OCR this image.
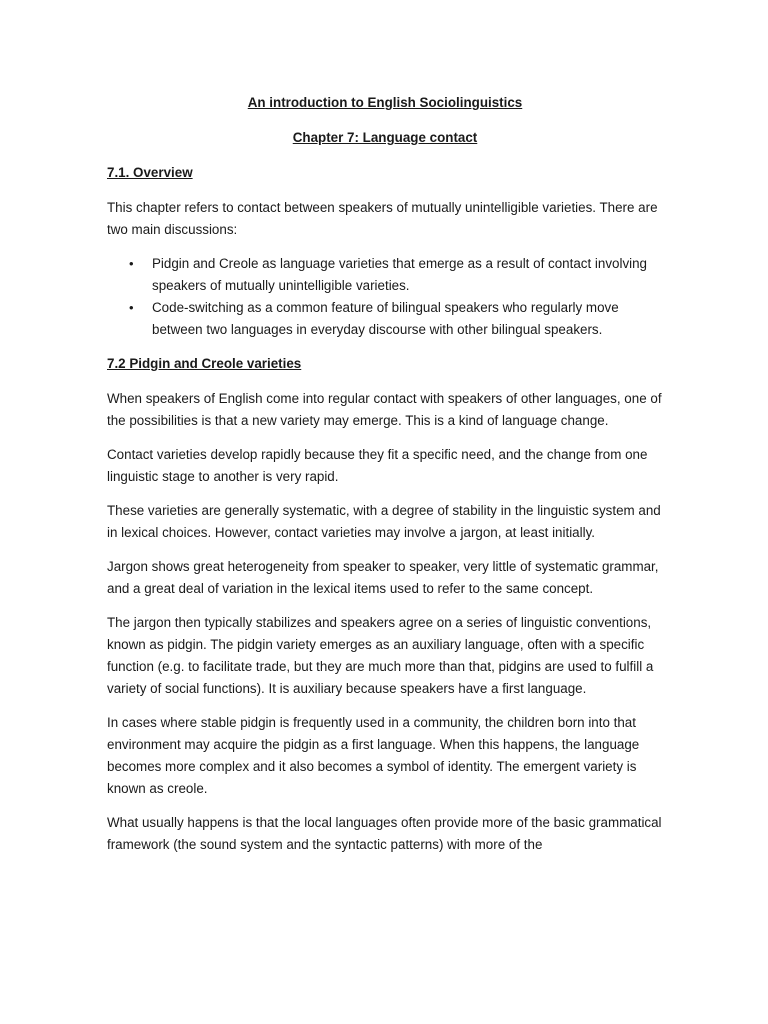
An introduction to English Sociolinguistics

Chapter 7: Language contact

7.1. Overview

This chapter refers to contact between speakers of mutually unintelligible varieties. There are two main discussions:

• Pidgin and Creole as language varieties that emerge as a result of contact involving speakers of mutually unintelligible varieties.
• Code-switching as a common feature of bilingual speakers who regularly move between two languages in everyday discourse with other bilingual speakers.

7.2 Pidgin and Creole varieties

When speakers of English come into regular contact with speakers of other languages, one of the possibilities is that a new variety may emerge. This is a kind of language change.

Contact varieties develop rapidly because they fit a specific need, and the change from one linguistic stage to another is very rapid.

These varieties are generally systematic, with a degree of stability in the linguistic system and in lexical choices. However, contact varieties may involve a jargon, at least initially.

Jargon shows great heterogeneity from speaker to speaker, very little of systematic grammar, and a great deal of variation in the lexical items used to refer to the same concept.

The jargon then typically stabilizes and speakers agree on a series of linguistic conventions, known as pidgin. The pidgin variety emerges as an auxiliary language, often with a specific function (e.g. to facilitate trade, but they are much more than that, pidgins are used to fulfill a variety of social functions). It is auxiliary because speakers have a first language.

In cases where stable pidgin is frequently used in a community, the children born into that environment may acquire the pidgin as a first language. When this happens, the language becomes more complex and it also becomes a symbol of identity. The emergent variety is known as creole.

What usually happens is that the local languages often provide more of the basic grammatical framework (the sound system and the syntactic patterns) with more of the
